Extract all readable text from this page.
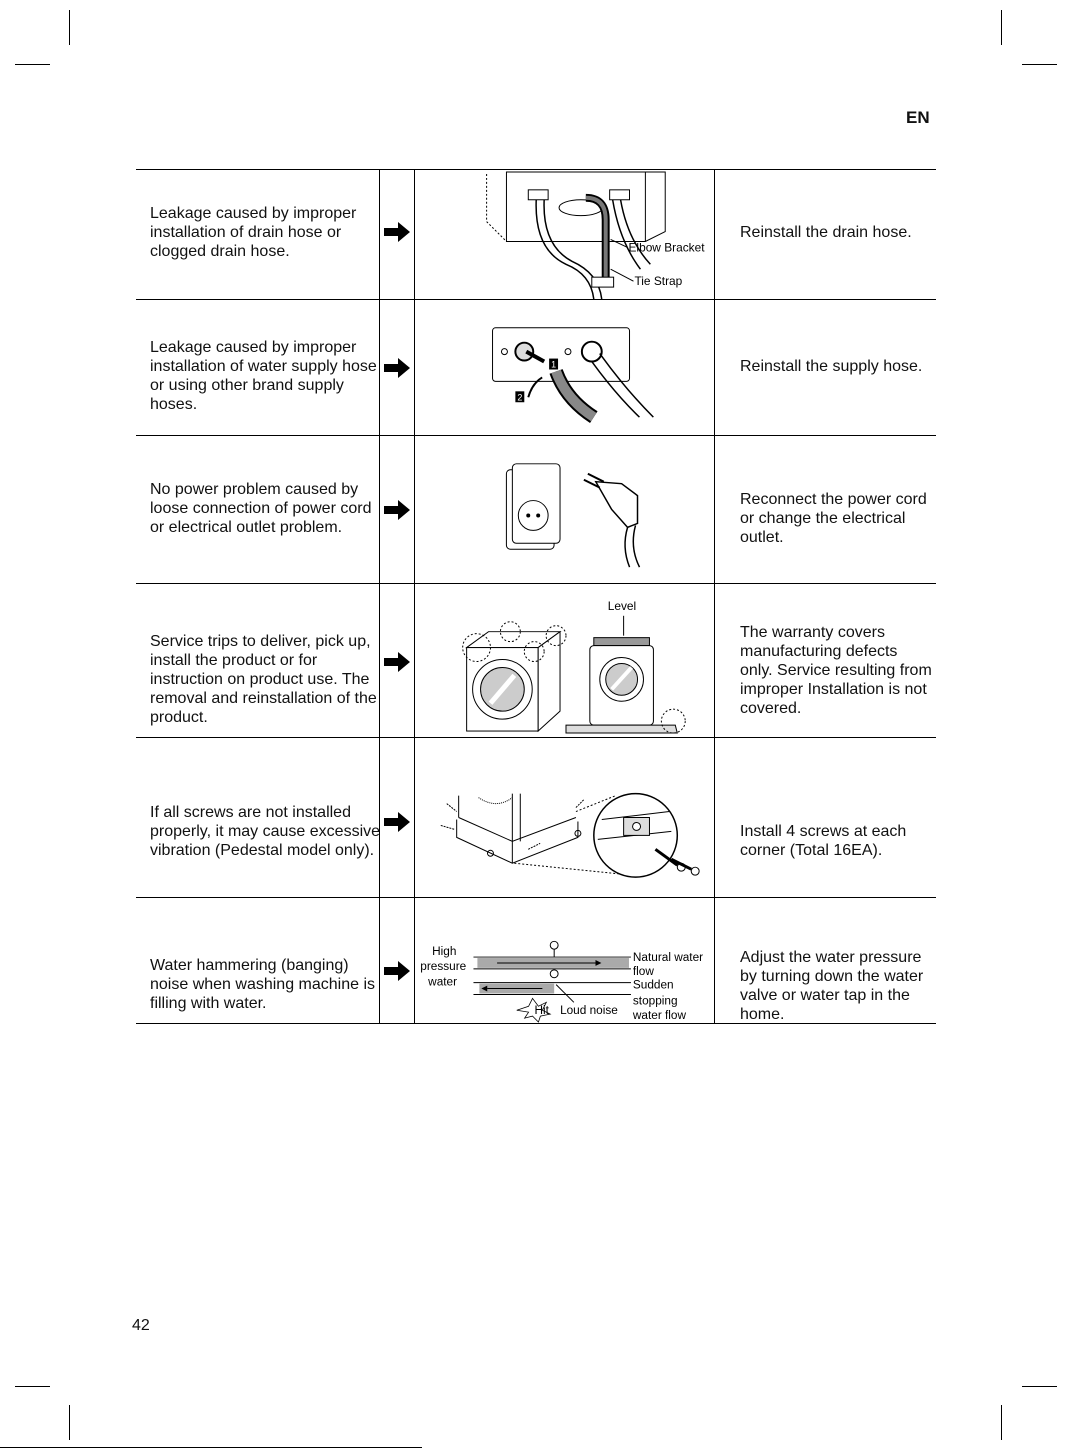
EN
Leakage caused by improper installation of drain hose or clogged drain hose.	Elbow Bracket
Tie Strap
Reinstall the drain hose.
Leakage caused by improper installation of water supply hose or using other brand supply hoses.
1
2
Reinstall the supply hose.
No power problem caused by loose connection of power cord or electrical outlet problem.
Reconnect the power cord or change the electrical outlet.
Service trips to deliver, pick up, install the product or for instruction on product use. The removal and reinstallation of the product.
Level
The warranty covers manufacturing defects only. Service resulting from improper Installation is not covered.
If all screws are not installed properly, it may cause excessive vibration (Pedestal model only).
Install 4 screws at each corner (Total 16EA).
Water hammering (banging) noise when washing machine is filling with water.
High
pressure
water
Natural water
flow
Sudden
stopping
water flow
Hit Loud noise
Adjust the water pressure by turning down the water valve or water tap in the home.
42
